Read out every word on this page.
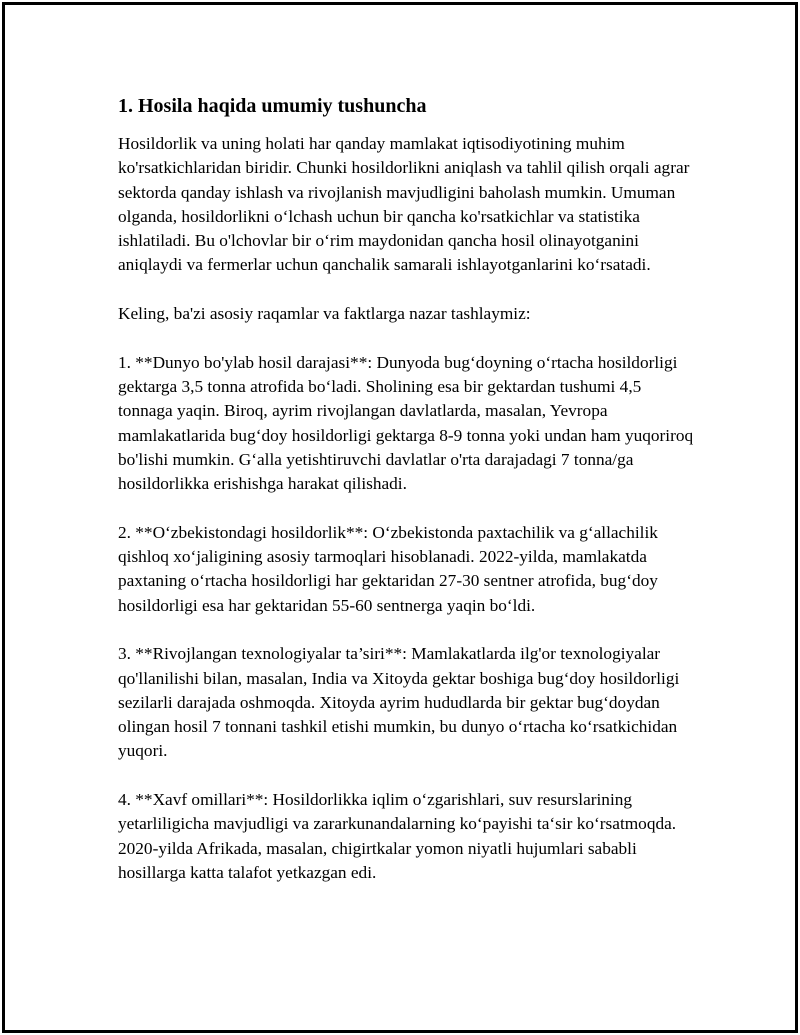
1. Hosila haqida umumiy tushuncha

Hosildorlik va uning holati har qanday mamlakat iqtisodiyotining muhim ko'rsatkichlaridan biridir. Chunki hosildorlikni aniqlash va tahlil qilish orqali agrar sektorda qanday ishlash va rivojlanish mavjudligini baholash mumkin. Umuman olganda, hosildorlikni o‘lchash uchun bir qancha ko'rsatkichlar va statistika ishlatiladi. Bu o'lchovlar bir o‘rim maydonidan qancha hosil olinayotganini aniqlaydi va fermerlar uchun qanchalik samarali ishlayotganlarini ko‘rsatadi.

Keling, ba'zi asosiy raqamlar va faktlarga nazar tashlaymiz:

1. **Dunyo bo'ylab hosil darajasi**: Dunyoda bug‘doyning o‘rtacha hosildorligi gektarga 3,5 tonna atrofida bo‘ladi. Sholining esa bir gektardan tushumi 4,5 tonnaga yaqin. Biroq, ayrim rivojlangan davlatlarda, masalan, Yevropa mamlakatlarida bug‘doy hosildorligi gektarga 8-9 tonna yoki undan ham yuqoriroq bo'lishi mumkin. G‘alla yetishtiruvchi davlatlar o'rta darajadagi 7 tonna/ga hosildorlikka erishishga harakat qilishadi.

2. **O‘zbekistondagi hosildorlik**: O‘zbekistonda paxtachilik va g‘allachilik qishloq xo‘jaligining asosiy tarmoqlari hisoblanadi. 2022-yilda, mamlakatda paxtaning o‘rtacha hosildorligi har gektaridan 27-30 sentner atrofida, bug‘doy hosildorligi esa har gektaridan 55-60 sentnerga yaqin bo‘ldi.

3. **Rivojlangan texnologiyalar ta’siri**: Mamlakatlarda ilg'or texnologiyalar qo'llanilishi bilan, masalan, India va Xitoyda gektar boshiga bug‘doy hosildorligi sezilarli darajada oshmoqda. Xitoyda ayrim hududlarda bir gektar bug‘doydan olingan hosil 7 tonnani tashkil etishi mumkin, bu dunyo o‘rtacha ko‘rsatkichidan yuqori.

4. **Xavf omillari**: Hosildorlikka iqlim o‘zgarishlari, suv resurslarining yetarliligicha mavjudligi va zararkunandalarning ko‘payishi ta‘sir ko‘rsatmoqda. 2020-yilda Afrikada, masalan, chigirtkalar yomon niyatli hujumlari sababli hosillarga katta talafot yetkazgan edi.
